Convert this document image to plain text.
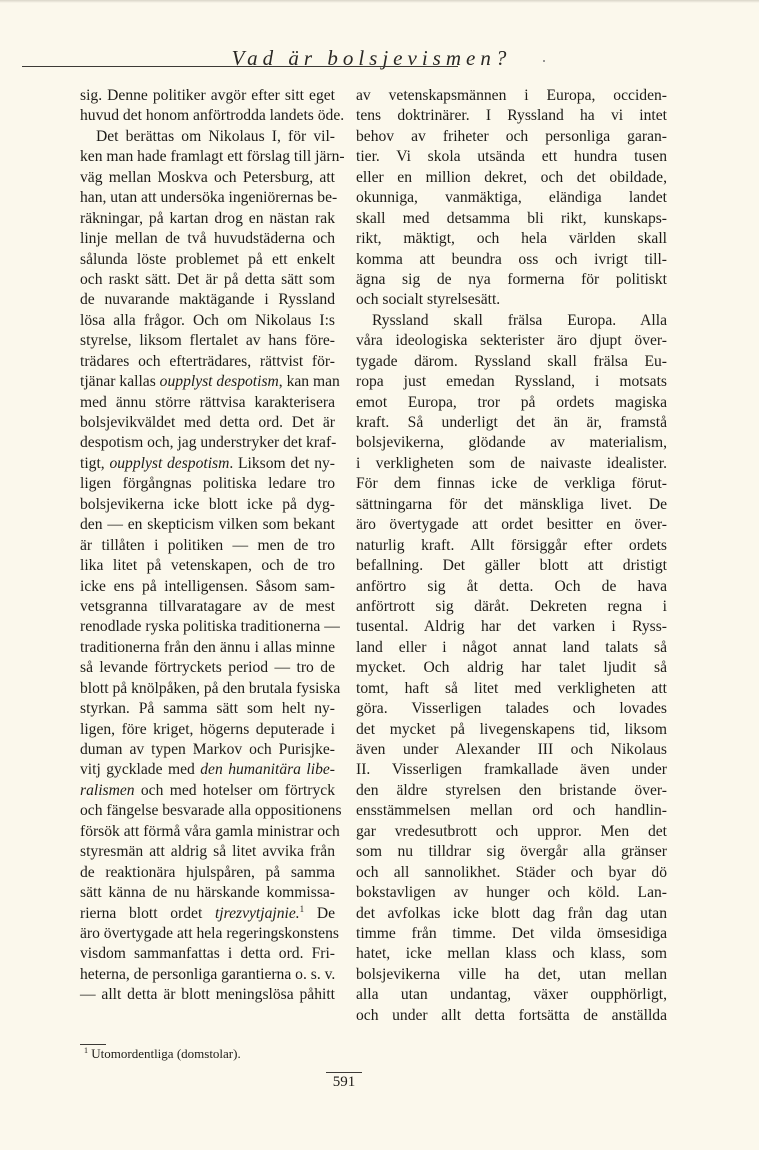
Vad är bolsjevismen?
sig. Denne politiker avgör efter sitt eget
huvud det honom anförtrodda landets öde.
Det berättas om Nikolaus I, för vil-
ken man hade framlagt ett förslag till järn-
väg mellan Moskva och Petersburg, att
han, utan att undersöka ingeniörernas be-
räkningar, på kartan drog en nästan rak
linje mellan de två huvudstäderna och
sålunda löste problemet på ett enkelt
och raskt sätt. Det är på detta sätt som
de nuvarande maktägande i Ryssland
lösa alla frågor. Och om Nikolaus I:s
styrelse, liksom flertalet av hans före-
trädares och efterträdares, rättvist för-
tjänar kallas oupplyst despotism, kan man
med ännu större rättvisa karakterisera
bolsjevikväldet med detta ord. Det är
despotism och, jag understryker det kraf-
tigt, oupplyst despotism. Liksom det ny-
ligen förgångnas politiska ledare tro
bolsjevikerna icke blott icke på dyg-
den — en skepticism vilken som bekant
är tillåten i politiken — men de tro
lika litet på vetenskapen, och de tro
icke ens på intelligensen. Såsom sam-
vetsgranna tillvaratagare av de mest
renodlade ryska politiska traditionerna —
traditionerna från den ännu i allas minne
så levande förtryckets period — tro de
blott på knölpåken, på den brutala fysiska
styrkan. På samma sätt som helt ny-
ligen, före kriget, högerns deputerade i
duman av typen Markov och Purisjke-
vitj gycklade med den humanitära libe-
ralismen och med hotelser om förtryck
och fängelse besvarade alla oppositionens
försök att förmå våra gamla ministrar och
styresmän att aldrig så litet avvika från
de reaktionära hjulspåren, på samma
sätt känna de nu härskande kommissa-
rierna blott ordet tjrezvytjajnie.$^1$ De
äro övertygade att hela regeringskonstens
visdom sammanfattas i detta ord. Fri-
heterna, de personliga garantierna o. s. v.
— allt detta är blott meningslösa påhitt
av vetenskapsmännen i Europa, occiden-
tens doktrinärer. I Ryssland ha vi intet
behov av friheter och personliga garan-
tier. Vi skola utsända ett hundra tusen
eller en million dekret, och det obildade,
okunniga, vanmäktiga, eländiga landet
skall med detsamma bli rikt, kunskaps-
rikt, mäktigt, och hela världen skall
komma att beundra oss och ivrigt till-
ägna sig de nya formerna för politiskt
och socialt styrelsesätt.
Ryssland skall frälsa Europa. Alla
våra ideologiska sekterister äro djupt över-
tygade därom. Ryssland skall frälsa Eu-
ropa just emedan Ryssland, i motsats
emot Europa, tror på ordets magiska
kraft. Så underligt det än är, framstå
bolsjevikerna, glödande av materialism,
i verkligheten som de naivaste idealister.
För dem finnas icke de verkliga förut-
sättningarna för det mänskliga livet. De
äro övertygade att ordet besitter en över-
naturlig kraft. Allt försiggår efter ordets
befallning. Det gäller blott att dristigt
anförtro sig åt detta. Och de hava
anförtrott sig däråt. Dekreten regna i
tusental. Aldrig har det varken i Ryss-
land eller i något annat land talats så
mycket. Och aldrig har talet ljudit så
tomt, haft så litet med verkligheten att
göra. Visserligen talades och lovades
det mycket på livegenskapens tid, liksom
även under Alexander III och Nikolaus
II. Visserligen framkallade även under
den äldre styrelsen den bristande över-
ensstämmelsen mellan ord och handlin-
gar vredesutbrott och uppror. Men det
som nu tilldrar sig övergår alla gränser
och all sannolikhet. Städer och byar dö
bokstavligen av hunger och köld. Lan-
det avfolkas icke blott dag från dag utan
timme från timme. Det vilda ömsesidiga
hatet, icke mellan klass och klass, som
bolsjevikerna ville ha det, utan mellan
alla utan undantag, växer oupphörligt,
och under allt detta fortsätta de anställda
$^1$ Utomordentliga (domstolar).
591
